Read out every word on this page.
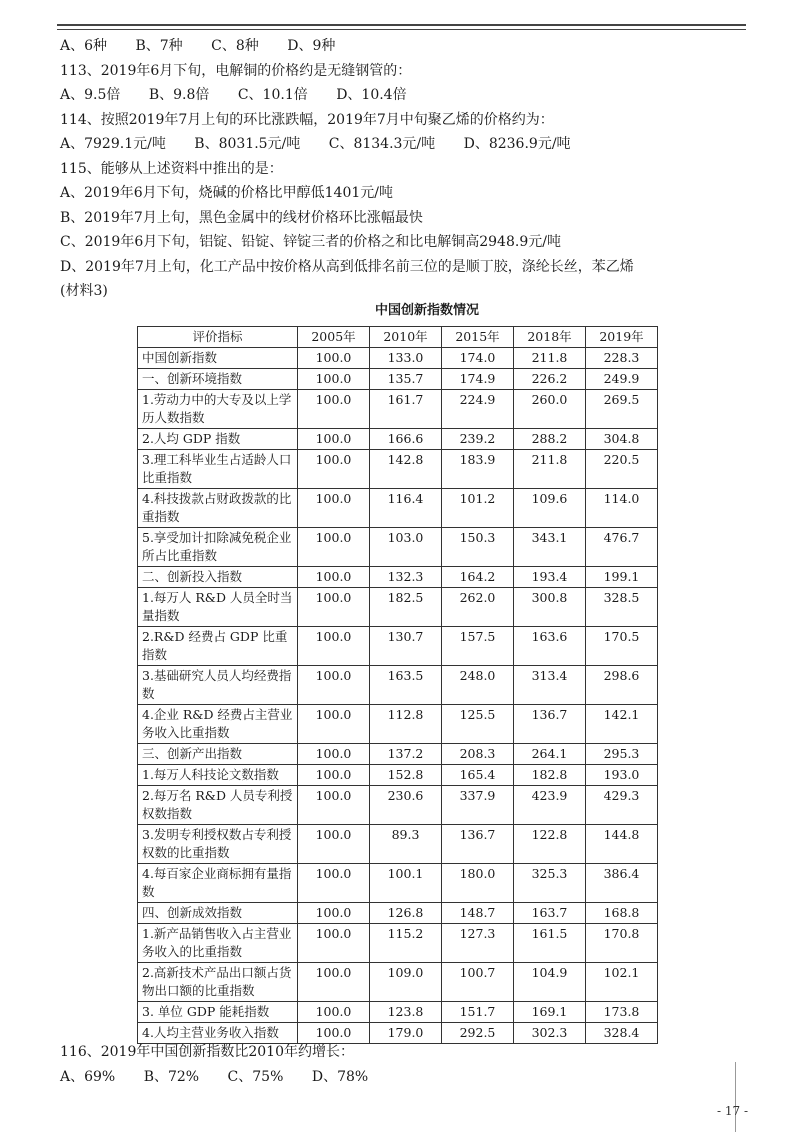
A、6种 B、7种 C、8种 D、9种
113、2019年6月下旬，电解铜的价格约是无缝钢管的：
A、9.5倍 B、9.8倍 C、10.1倍 D、10.4倍
114、按照2019年7月上旬的环比涨跌幅，2019年7月中旬聚乙烯的价格约为：
A、7929.1元/吨 B、8031.5元/吨 C、8134.3元/吨 D、8236.9元/吨
115、能够从上述资料中推出的是：
A、2019年6月下旬，烧碱的价格比甲醇低1401元/吨
B、2019年7月上旬，黑色金属中的线材价格环比涨幅最快
C、2019年6月下旬，铝锭、铅锭、锌锭三者的价格之和比电解铜高2948.9元/吨
D、2019年7月上旬，化工产品中按价格从高到低排名前三位的是顺丁胶，涤纶长丝，苯乙烯
(材料3)
中国创新指数情况
评价指标	2005年	2010年	2015年	2018年	2019年
中国创新指数	100.0	133.0	174.0	211.8	228.3
一、创新环境指数	100.0	135.7	174.9	226.2	249.9
1.劳动力中的大专及以上学历人数指数	100.0	161.7	224.9	260.0	269.5
2.人均 GDP 指数	100.0	166.6	239.2	288.2	304.8
3.理工科毕业生占适龄人口比重指数	100.0	142.8	183.9	211.8	220.5
4.科技拨款占财政拨款的比重指数	100.0	116.4	101.2	109.6	114.0
5.享受加计扣除减免税企业所占比重指数	100.0	103.0	150.3	343.1	476.7
二、创新投入指数	100.0	132.3	164.2	193.4	199.1
1.每万人 R&D 人员全时当量指数	100.0	182.5	262.0	300.8	328.5
2.R&D 经费占 GDP 比重指数	100.0	130.7	157.5	163.6	170.5
3.基础研究人员人均经费指数	100.0	163.5	248.0	313.4	298.6
4.企业 R&D 经费占主营业务收入比重指数	100.0	112.8	125.5	136.7	142.1
三、创新产出指数	100.0	137.2	208.3	264.1	295.3
1.每万人科技论文数指数	100.0	152.8	165.4	182.8	193.0
2.每万名 R&D 人员专利授权数指数	100.0	230.6	337.9	423.9	429.3
3.发明专利授权数占专利授权数的比重指数	100.0	89.3	136.7	122.8	144.8
4.每百家企业商标拥有量指数	100.0	100.1	180.0	325.3	386.4
四、创新成效指数	100.0	126.8	148.7	163.7	168.8
1.新产品销售收入占主营业务收入的比重指数	100.0	115.2	127.3	161.5	170.8
2.高新技术产品出口额占货物出口额的比重指数	100.0	109.0	100.7	104.9	102.1
3. 单位 GDP 能耗指数	100.0	123.8	151.7	169.1	173.8
4.人均主营业务收入指数	100.0	179.0	292.5	302.3	328.4
116、2019年中国创新指数比2010年约增长：
A、69% B、72% C、75% D、78%
- 17 -
